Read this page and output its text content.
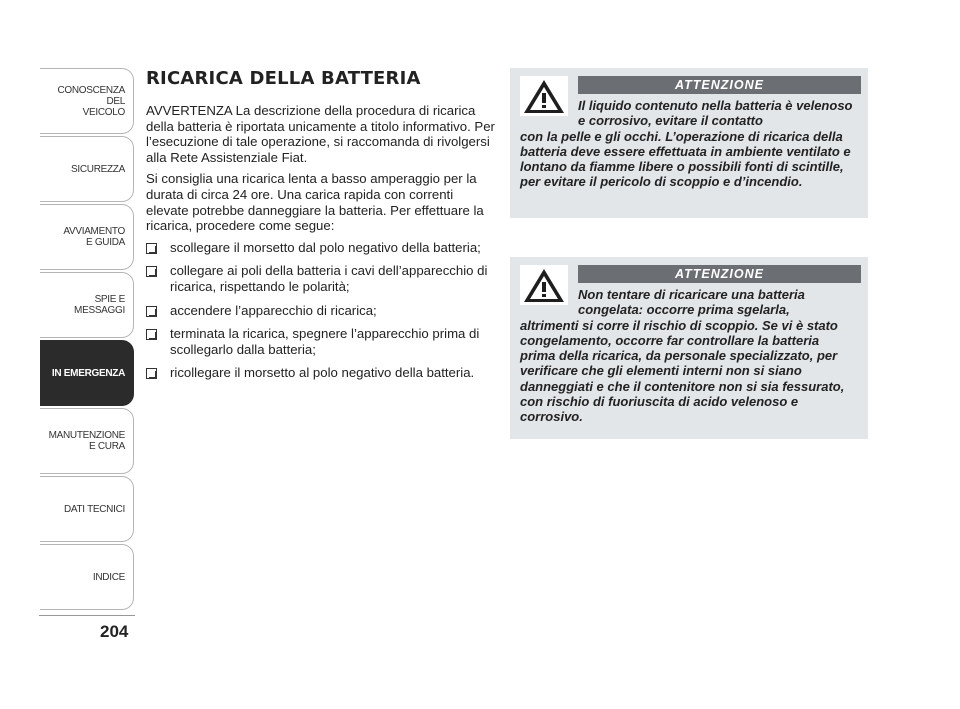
CONOSCENZA
DEL
VEICOLO
SICUREZZA
AVVIAMENTO
E GUIDA
SPIE E
MESSAGGI
IN EMERGENZA
MANUTENZIONE
E CURA
DATI TECNICI
INDICE
204
RICARICA DELLA BATTERIA

AVVERTENZA La descrizione della procedura di ricarica della batteria è riportata unicamente a titolo informativo. Per l’esecuzione di tale operazione, si raccomanda di rivolgersi alla Rete Assistenziale Fiat.

Si consiglia una ricarica lenta a basso amperaggio per la durata di circa 24 ore. Una carica rapida con correnti elevate potrebbe danneggiare la batteria. Per effettuare la ricarica, procedere come segue:

scollegare il morsetto dal polo negativo della batteria;
collegare ai poli della batteria i cavi dell’apparecchio di ricarica, rispettando le polarità;
accendere l’apparecchio di ricarica;
terminata la ricarica, spegnere l’apparecchio prima di scollegarlo dalla batteria;
ricollegare il morsetto al polo negativo della batteria.
ATTENZIONE
Il liquido contenuto nella batteria è velenoso e corrosivo, evitare il contatto
con la pelle e gli occhi. L’operazione di ricarica della batteria deve essere effettuata in ambiente ventilato e lontano da fiamme libere o possibili fonti di scintille, per evitare il pericolo di scoppio e d’incendio.
ATTENZIONE
Non tentare di ricaricare una batteria congelata: occorre prima sgelarla,
altrimenti si corre il rischio di scoppio. Se vi è stato congelamento, occorre far controllare la batteria prima della ricarica, da personale specializzato, per verificare che gli elementi interni non si siano danneggiati e che il contenitore non si sia fessurato, con rischio di fuoriuscita di acido velenoso e corrosivo.
